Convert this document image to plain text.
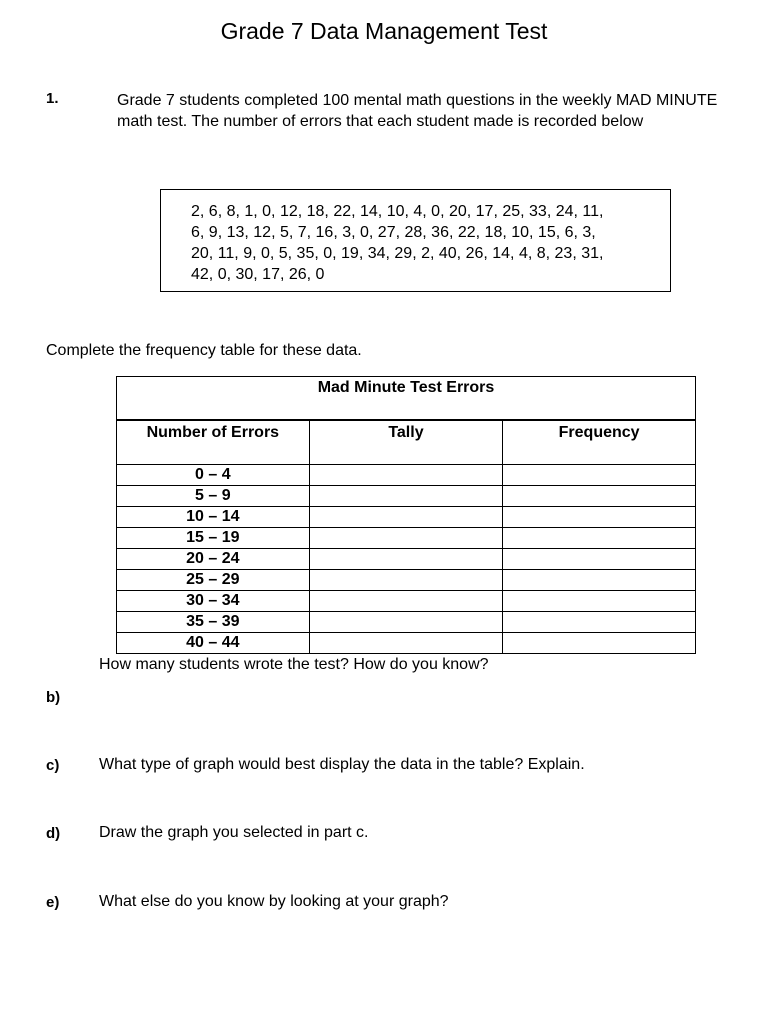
Grade 7 Data Management Test
1.	Grade 7 students completed 100 mental math questions in the weekly MAD MINUTE math test. The number of errors that each student made is recorded below
2, 6, 8, 1, 0, 12, 18, 22, 14, 10, 4, 0, 20, 17, 25, 33, 24, 11,
6, 9, 13, 12, 5, 7, 16, 3, 0, 27, 28, 36, 22, 18, 10, 15, 6, 3,
20, 11, 9, 0, 5, 35, 0, 19, 34, 29, 2, 40, 26, 14, 4, 8, 23, 31,
42, 0, 30, 17, 26, 0
Complete the frequency table for these data.
Mad Minute Test Errors		
Number of Errors	Tally	Frequency
0 – 4		
5 – 9		
10 – 14		
15 – 19		
20 – 24		
25 – 29		
30 – 34		
35 – 39		
40 – 44		
How many students wrote the test? How do you know?
b)
c) What type of graph would best display the data in the table? Explain.
d) Draw the graph you selected in part c.
e) What else do you know by looking at your graph?
